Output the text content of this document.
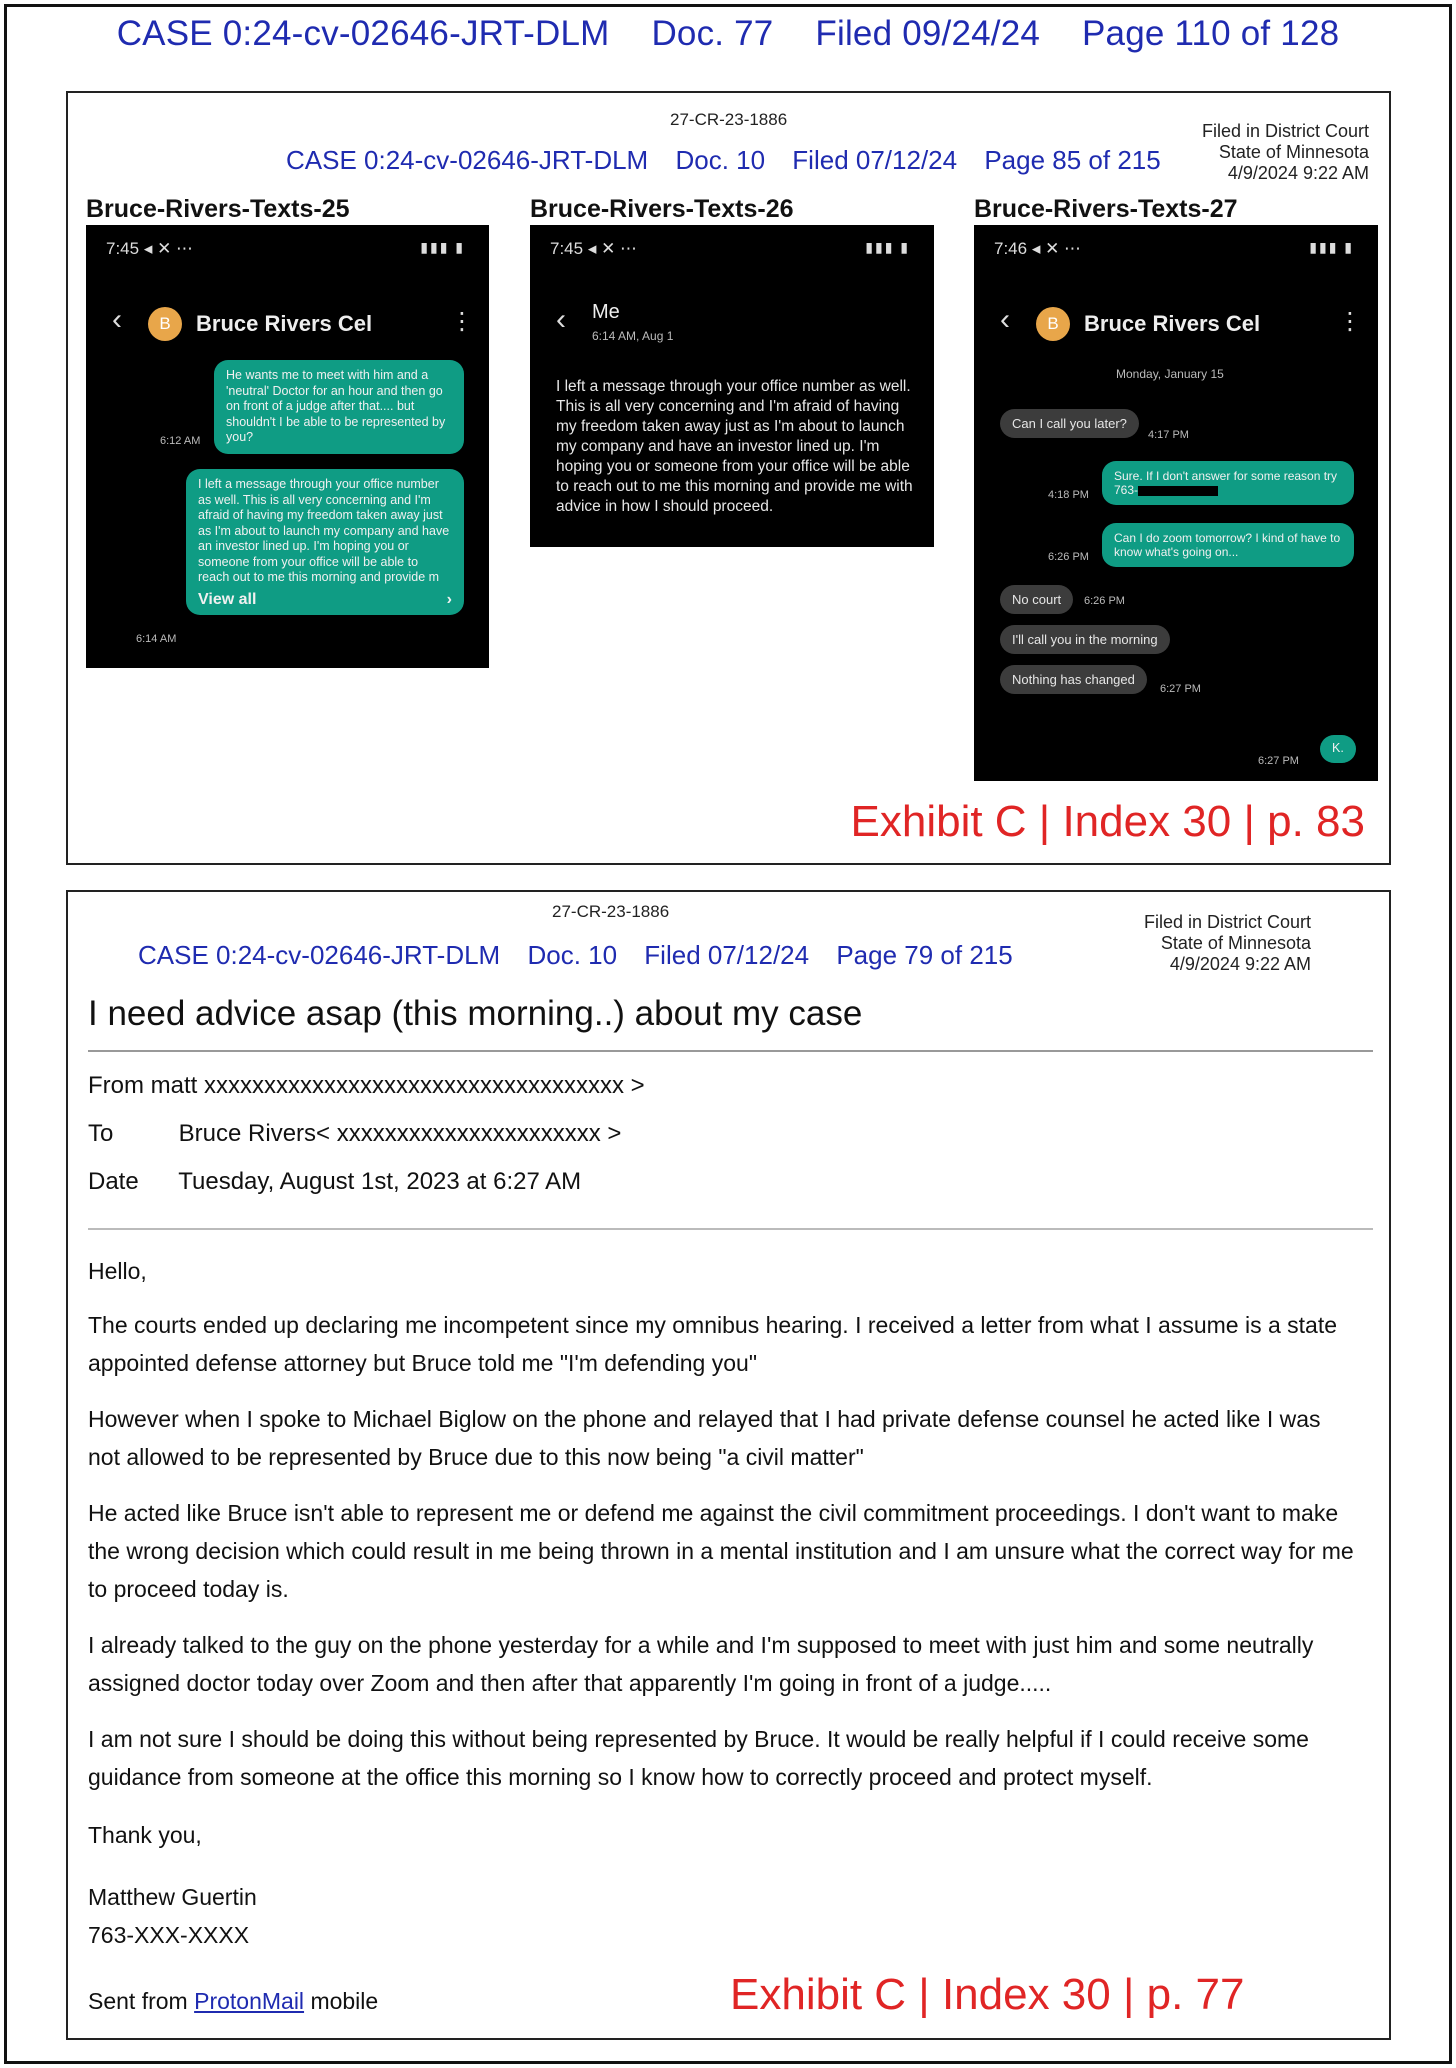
CASE 0:24-cv-02646-JRT-DLM Doc. 77 Filed 09/24/24 Page 110 of 128
27-CR-23-1886
Filed in District Court
State of Minnesota
4/9/2024 9:22 AM
CASE 0:24-cv-02646-JRT-DLM Doc. 10 Filed 07/12/24 Page 85 of 215
Bruce-Rivers-Texts-25
7:45 ◂ ✕ ⋯	▮▮▮ ▮
‹	B	Bruce Rivers Cel	⋮
He wants me to meet with him and a 'neutral' Doctor for an hour and then go on front of a judge after that.... but shouldn't I be able to be represented by you?
6:12 AM
I left a message through your office number as well. This is all very concerning and I'm afraid of having my freedom taken away just as I'm about to launch my company and have an investor lined up. I'm hoping you or someone from your office will be able to reach out to me this morning and provide m
View all	›
6:14 AM
Bruce-Rivers-Texts-26
7:45 ◂ ✕ ⋯	▮▮▮ ▮
‹ Me
6:14 AM, Aug 1
I left a message through your office number as well. This is all very concerning and I'm afraid of having my freedom taken away just as I'm about to launch my company and have an investor lined up. I'm hoping you or someone from your office will be able to reach out to me this morning and provide me with advice in how I should proceed.
Bruce-Rivers-Texts-27
7:46 ◂ ✕ ⋯	▮▮▮ ▮
‹	B	Bruce Rivers Cel	⋮
Monday, January 15
Can I call you later?
4:17 PM
Sure. If I don't answer for some reason try 763-
4:18 PM
Can I do zoom tomorrow? I kind of have to know what's going on...
6:26 PM
No court	6:26 PM
I'll call you in the morning
Nothing has changed
6:27 PM
K.
6:27 PM
Exhibit C | Index 30 | p. 83
27-CR-23-1886
Filed in District Court
State of Minnesota
4/9/2024 9:22 AM
CASE 0:24-cv-02646-JRT-DLM Doc. 10 Filed 07/12/24 Page 79 of 215
I need advice asap (this morning..) about my case
From matt xxxxxxxxxxxxxxxxxxxxxxxxxxxxxxxxxxx >
To	Bruce Rivers< xxxxxxxxxxxxxxxxxxxxxx >
Date Tuesday, August 1st, 2023 at 6:27 AM
Hello,
The courts ended up declaring me incompetent since my omnibus hearing. I received a letter from what I assume is a state appointed defense attorney but Bruce told me "I'm defending you"
However when I spoke to Michael Biglow on the phone and relayed that I had private defense counsel he acted like I was not allowed to be represented by Bruce due to this now being "a civil matter"
He acted like Bruce isn't able to represent me or defend me against the civil commitment proceedings. I don't want to make the wrong decision which could result in me being thrown in a mental institution and I am unsure what the correct way for me to proceed today is.
I already talked to the guy on the phone yesterday for a while and I'm supposed to meet with just him and some neutrally assigned doctor today over Zoom and then after that apparently I'm going in front of a judge.....
I am not sure I should be doing this without being represented by Bruce. It would be really helpful if I could receive some guidance from someone at the office this morning so I know how to correctly proceed and protect myself.
Thank you,
Matthew Guertin
763-XXX-XXXX
Sent from ProtonMail mobile	Exhibit C | Index 30 | p. 77
